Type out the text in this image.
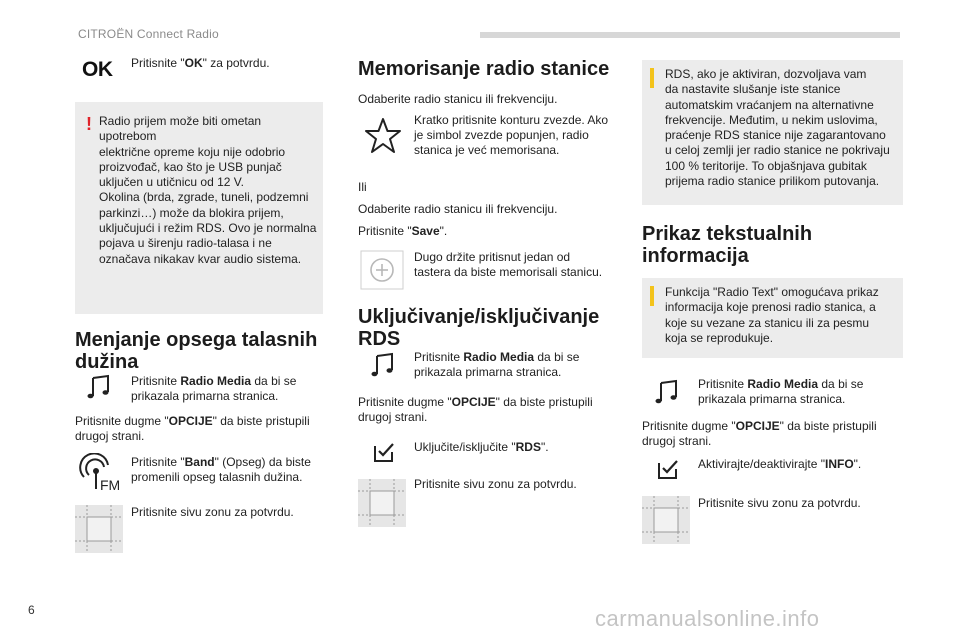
CITROËN Connect Radio
OK Pritisnite "OK" za potvrdu.

! Radio prijem može biti ometan upotrebom

električne opreme koju nije odobrio

proizvođač, kao što je USB punjač

uključen u utičnicu od 12 V.

Okolina (brda, zgrade, tuneli, podzemni

parkinzi…) može da blokira prijem,

uključujući i režim RDS. Ovo je normalna

pojava u širenju radio-talasa i ne

označava nikakav kvar audio sistema.

Menjanje opsega talasnih
dužina

Pritisnite Radio Media da bi se
prikazala primarna stranica.

Pritisnite dugme "OPCIJE" da biste pristupili
drugoj strani.

FM

Pritisnite "Band" (Opseg) da biste
promenili opseg talasnih dužina.

Pritisnite sivu zonu za potvrdu.

Memorisanje radio stanice

Odaberite radio stanicu ili frekvenciju.

Kratko pritisnite konturu zvezde. Ako

je simbol zvezde popunjen, radio

stanica je već memorisana.

Ili

Odaberite radio stanicu ili frekvenciju.

Pritisnite "Save".

Dugo držite pritisnut jedan od

tastera da biste memorisali stanicu.

Uključivanje/isključivanje
RDS

Pritisnite Radio Media da bi se
prikazala primarna stranica.

Pritisnite dugme "OPCIJE" da biste pristupili
drugoj strani.

Uključite/isključite "RDS".

Pritisnite sivu zonu za potvrdu.

RDS, ako je aktiviran, dozvoljava vam

da nastavite slušanje iste stanice

automatskim vraćanjem na alternativne

frekvencije. Međutim, u nekim uslovima,

praćenje RDS stanice nije zagarantovano

u celoj zemlji jer radio stanice ne pokrivaju

100 % teritorije. To objašnjava gubitak

prijema radio stanice prilikom putovanja.

Prikaz tekstualnih
informacija

Funkcija "Radio Text" omogućava prikaz

informacija koje prenosi radio stanica, a

koje su vezane za stanicu ili za pesmu

koja se reprodukuje.

Pritisnite Radio Media da bi se
prikazala primarna stranica.

Pritisnite dugme "OPCIJE" da biste pristupili
drugoj strani.

Aktivirajte/deaktivirajte "INFO".

Pritisnite sivu zonu za potvrdu.

6	carmanualsonline.info
